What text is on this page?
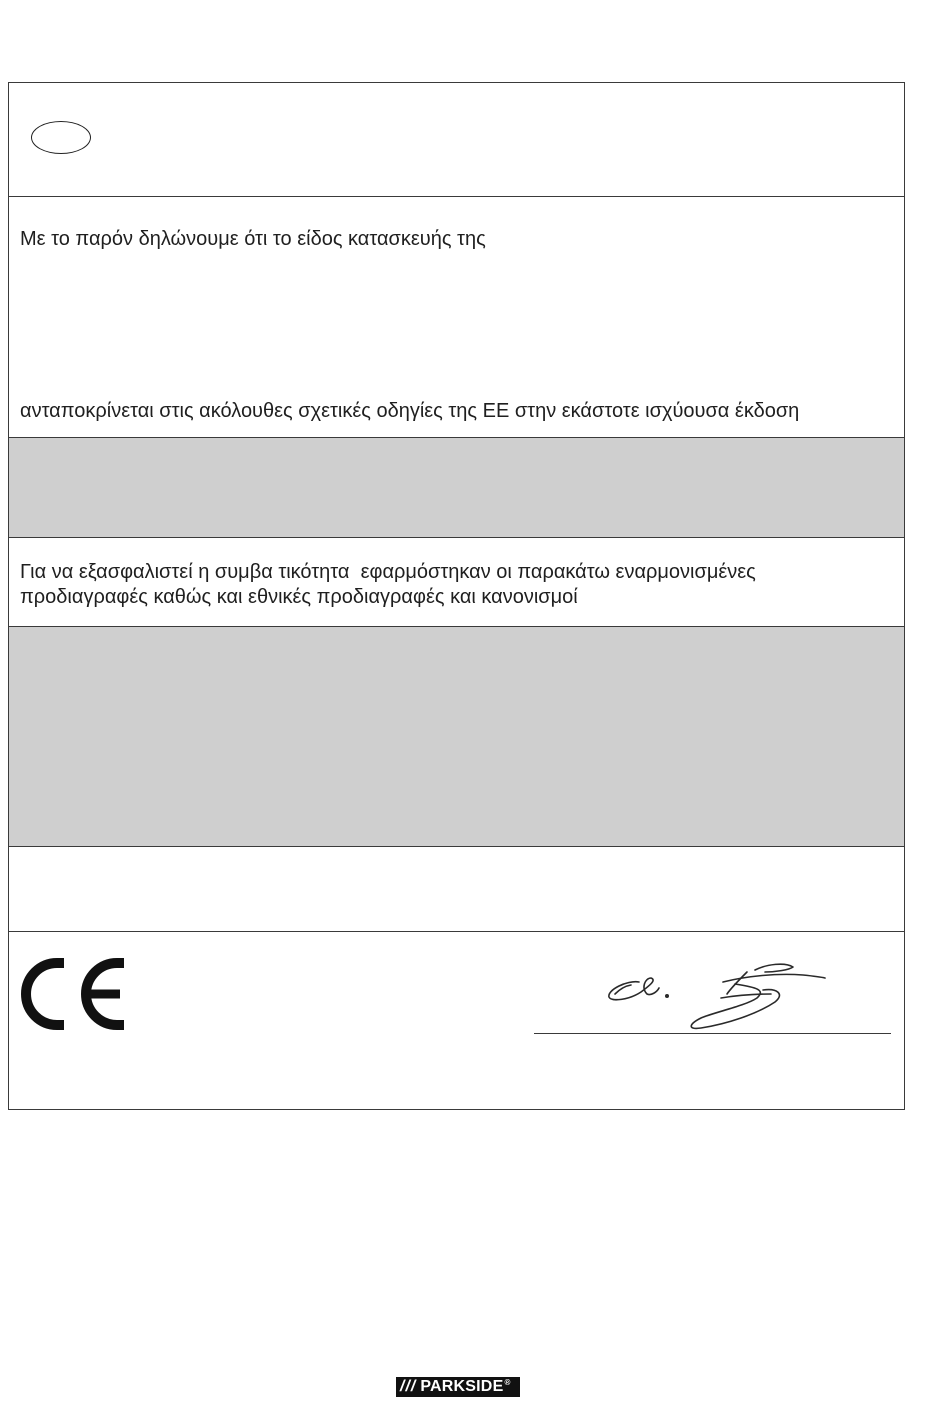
Με το παρόν δηλώνουμε ότι το είδος κατασκευής της
ανταποκρίνεται στις ακόλουθες σχετικές οδηγίες της ΕΕ στην εκάστοτε ισχύουσα έκδοση
Για να εξασφαλιστεί η συμβα τικότητα  εφαρμόστηκαν οι παρακάτω εναρμονισμένες
προδιαγραφές καθώς και εθνικές προδιαγραφές και κανονισμοί
/// PARKSIDE ®
